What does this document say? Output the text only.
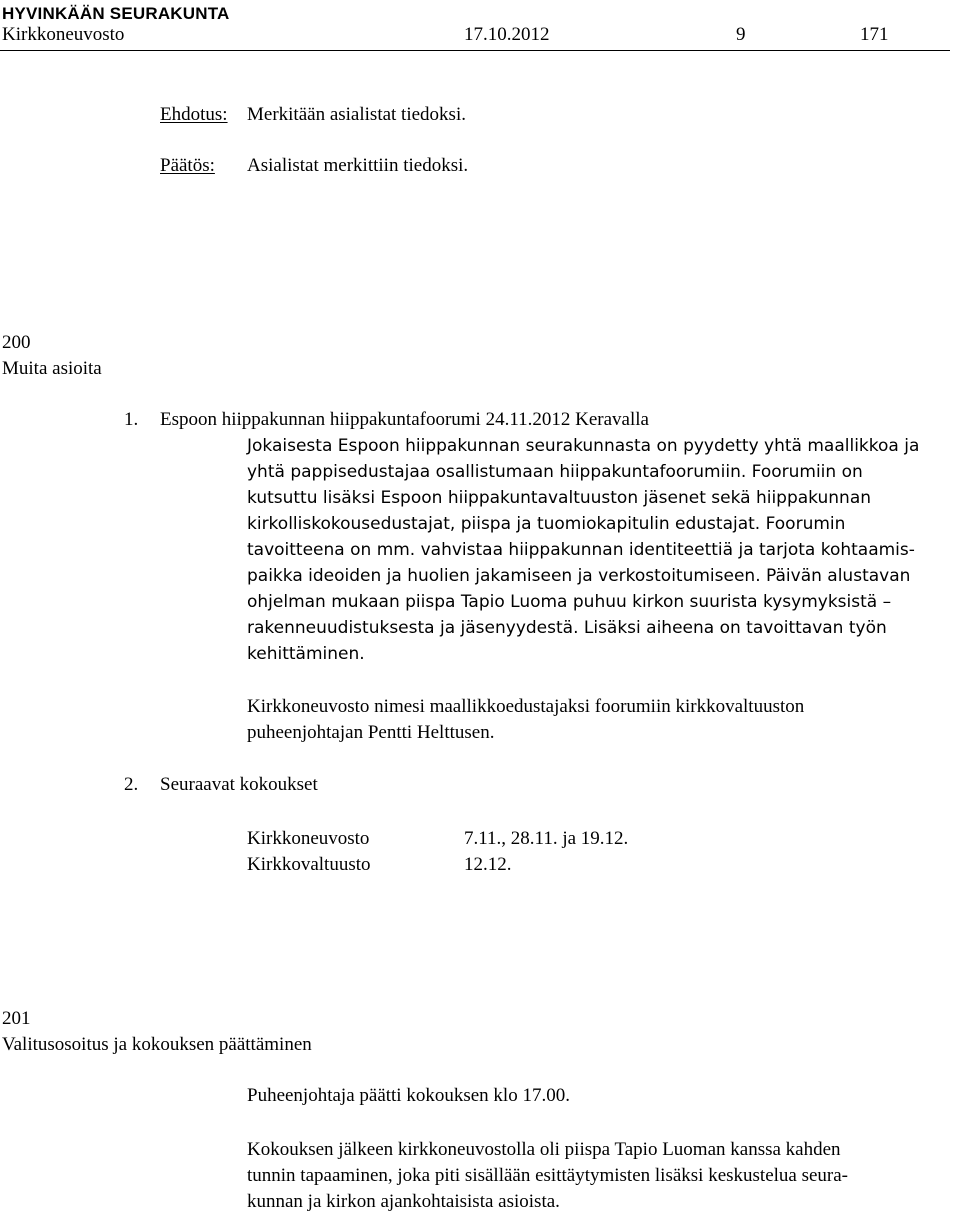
HYVINKÄÄN SEURAKUNTA
Kirkkoneuvosto	17.10.2012	9	171
Ehdotus: Merkitään asialistat tiedoksi.
Päätös: Asialistat merkittiin tiedoksi.
200
Muita asioita
1. Espoon hiippakunnan hiippakuntafoorumi 24.11.2012 Keravalla

Jokaisesta Espoon hiippakunnan seurakunnasta on pyydetty yhtä maallikkoa ja

yhtä pappisedustajaa osallistumaan hiippakuntafoorumiin. Foorumiin on

kutsuttu lisäksi Espoon hiippakuntavaltuuston jäsenet sekä hiippakunnan

kirkolliskokousedustajat, piispa ja tuomiokapitulin edustajat. Foorumin

tavoitteena on mm. vahvistaa hiippakunnan identiteettiä ja tarjota kohtaamis-

paikka ideoiden ja huolien jakamiseen ja verkostoitumiseen. Päivän alustavan

ohjelman mukaan piispa Tapio Luoma puhuu kirkon suurista kysymyksistä –

rakenneuudistuksesta ja jäsenyydestä. Lisäksi aiheena on tavoittavan työn

kehittäminen.

Kirkkoneuvosto nimesi maallikkoedustajaksi foorumiin kirkkovaltuuston

puheenjohtajan Pentti Helttusen.

2. Seuraavat kokoukset
Kirkkoneuvosto	7.11., 28.11. ja 19.12.
Kirkkovaltuusto	12.12.
201
Valitusosoitus ja kokouksen päättäminen
Puheenjohtaja päätti kokouksen klo 17.00.

Kokouksen jälkeen kirkkoneuvostolla oli piispa Tapio Luoman kanssa kahden

tunnin tapaaminen, joka piti sisällään esittäytymisten lisäksi keskustelua seura-

kunnan ja kirkon ajankohtaisista asioista.
